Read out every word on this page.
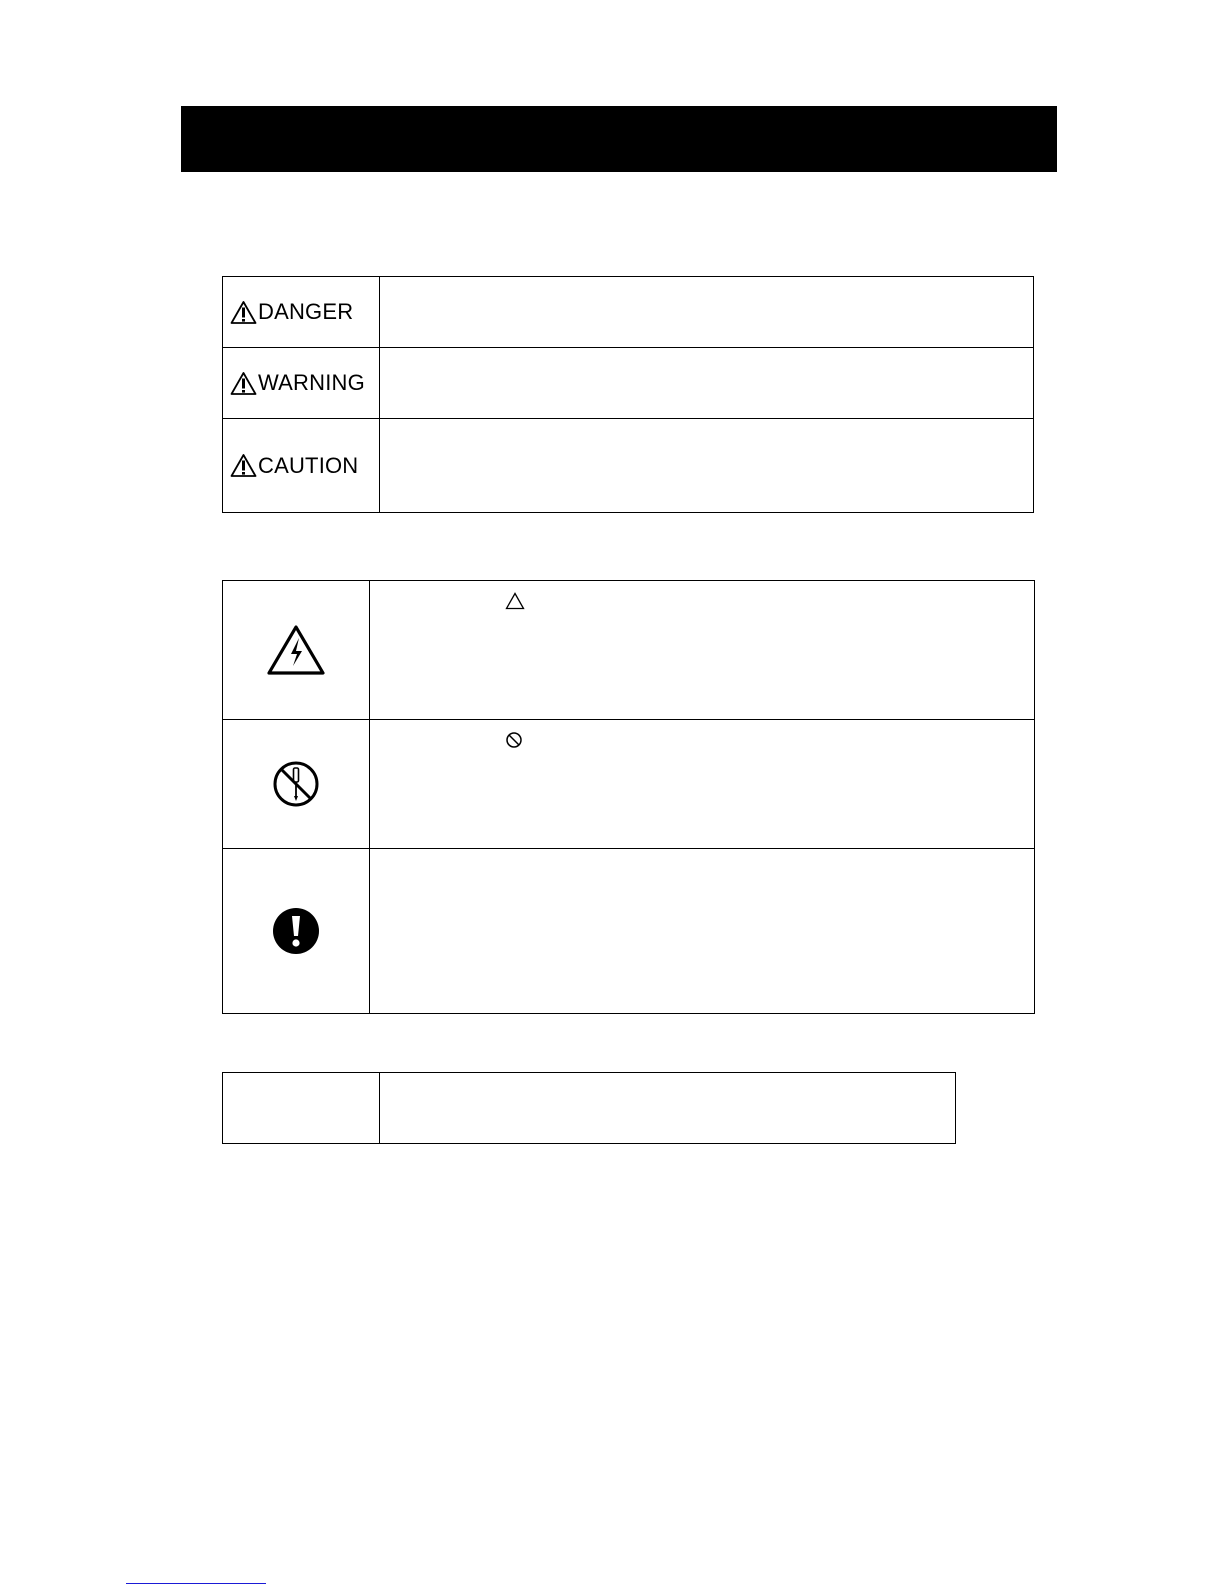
DANGER	

WARNING	

CAUTION	
